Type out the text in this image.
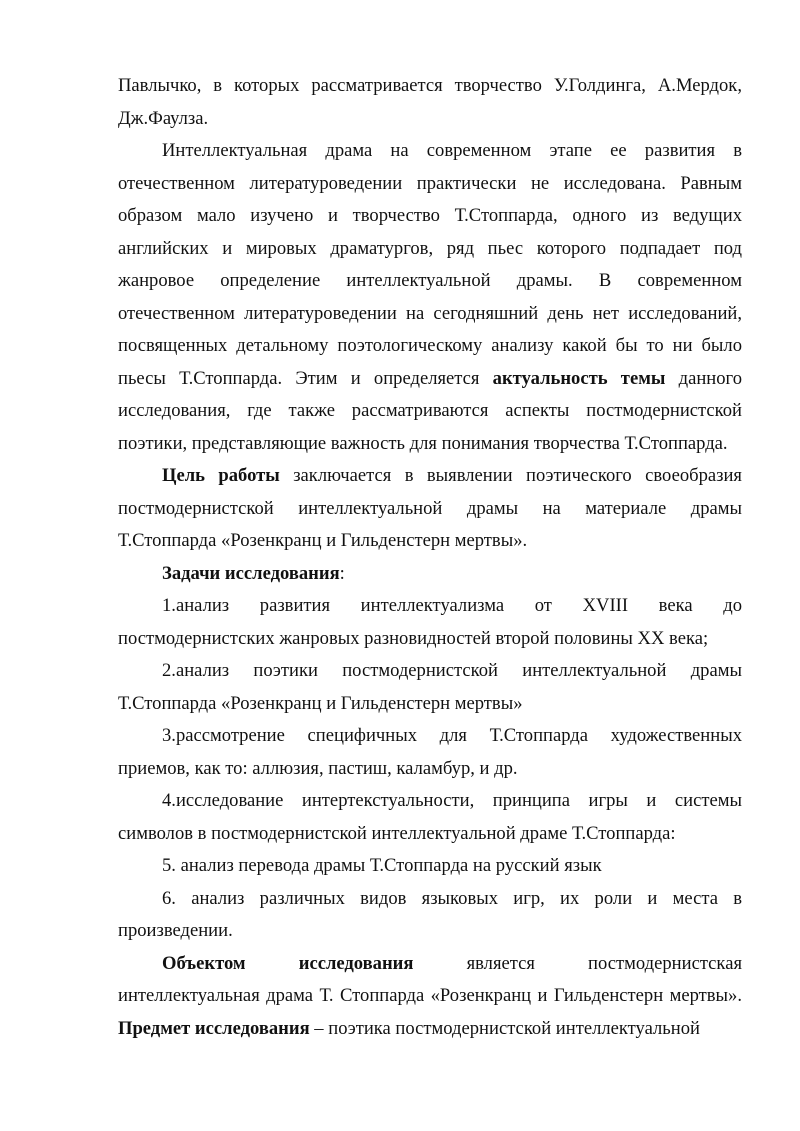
Павлычко, в которых рассматривается творчество У.Голдинга, А.Мердок, Дж.Фаулза.

Интеллектуальная драма на современном этапе ее развития в отечественном литературоведении практически не исследована. Равным образом мало изучено и творчество Т.Стоппарда, одного из ведущих английских и мировых драматургов, ряд пьес которого подпадает под жанровое определение интеллектуальной драмы. В современном отечественном литературоведении на сегодняшний день нет исследований, посвященных детальному поэтологическому анализу какой бы то ни было пьесы Т.Стоппарда. Этим и определяется актуальность темы данного исследования, где также рассматриваются аспекты постмодернистской поэтики, представляющие важность для понимания творчества Т.Стоппарда.

Цель работы заключается в выявлении поэтического своеобразия постмодернистской интеллектуальной драмы на материале драмы Т.Стоппарда «Розенкранц и Гильденстерн мертвы».

Задачи исследования:

1.анализ развития интеллектуализма от XVIII века до постмодернистских жанровых разновидностей второй половины XX века;

2.анализ поэтики постмодернистской интеллектуальной драмы Т.Стоппарда «Розенкранц и Гильденстерн мертвы»

3.рассмотрение специфичных для Т.Стоппарда художественных приемов, как то: аллюзия, пастиш, каламбур, и др.

4.исследование интертекстуальности, принципа игры и системы символов в постмодернистской интеллектуальной драме Т.Стоппарда:

5. анализ перевода драмы Т.Стоппарда на русский язык

6. анализ различных видов языковых игр, их роли и места в произведении.

Объектом исследования	является постмодернистская интеллектуальная драма Т. Стоппарда «Розенкранц и Гильденстерн мертвы». Предмет исследования – поэтика постмодернистской интеллектуальной
